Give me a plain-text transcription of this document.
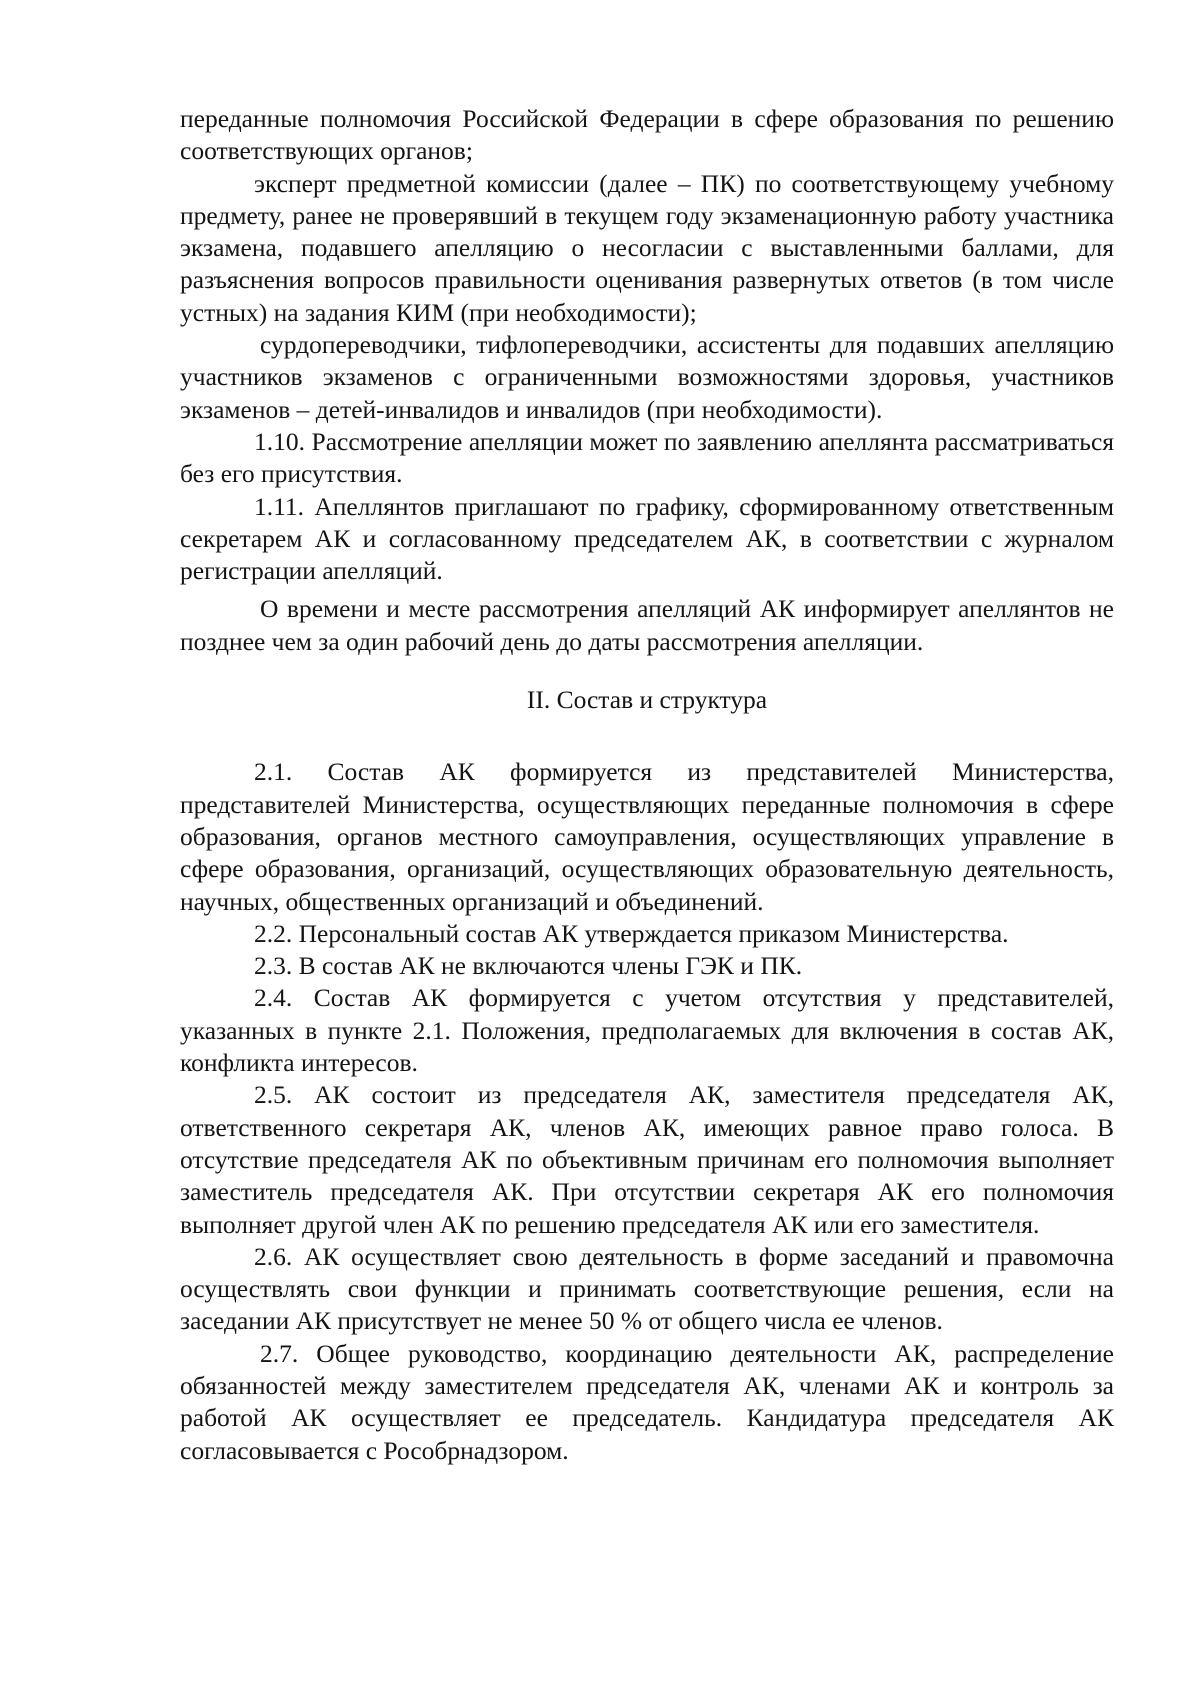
переданные полномочия Российской Федерации в сфере образования по решению соответствующих органов;

эксперт предметной комиссии (далее – ПК) по соответствующему учебному предмету, ранее не проверявший в текущем году экзаменационную работу участника экзамена, подавшего апелляцию о несогласии с выставленными баллами, для разъяснения вопросов правильности оценивания развернутых ответов (в том числе устных) на задания КИМ (при необходимости);

сурдопереводчики, тифлопереводчики, ассистенты для подавших апелляцию участников экзаменов с ограниченными возможностями здоровья, участников экзаменов – детей-инвалидов и инвалидов (при необходимости).

1.10. Рассмотрение апелляции может по заявлению апеллянта рассматриваться без его присутствия.

1.11. Апеллянтов приглашают по графику, сформированному ответственным секретарем АК и согласованному председателем АК, в соответствии с журналом регистрации апелляций.

О времени и месте рассмотрения апелляций АК информирует апеллянтов не позднее чем за один рабочий день до даты рассмотрения апелляции.

II. Состав и структура

2.1. Состав АК формируется из представителей Министерства, представителей Министерства, осуществляющих переданные полномочия в сфере образования, органов местного самоуправления, осуществляющих управление в сфере образования, организаций, осуществляющих образовательную деятельность, научных, общественных организаций и объединений.

2.2. Персональный состав АК утверждается приказом Министерства.

2.3. В состав АК не включаются члены ГЭК и ПК.

2.4. Состав АК формируется с учетом отсутствия у представителей, указанных в пункте 2.1. Положения, предполагаемых для включения в состав АК, конфликта интересов.

2.5. АК состоит из председателя АК, заместителя председателя АК, ответственного секретаря АК, членов АК, имеющих равное право голоса. В отсутствие председателя АК по объективным причинам его полномочия выполняет заместитель председателя АК. При отсутствии секретаря АК его полномочия выполняет другой член АК по решению председателя АК или его заместителя.

2.6. АК осуществляет свою деятельность в форме заседаний и правомочна осуществлять свои функции и принимать соответствующие решения, если на заседании АК присутствует не менее 50 % от общего числа ее членов.

2.7. Общее руководство, координацию деятельности АК, распределение обязанностей между заместителем председателя АК, членами АК и контроль за работой АК осуществляет ее председатель. Кандидатура председателя АК согласовывается с Рособрнадзором.
